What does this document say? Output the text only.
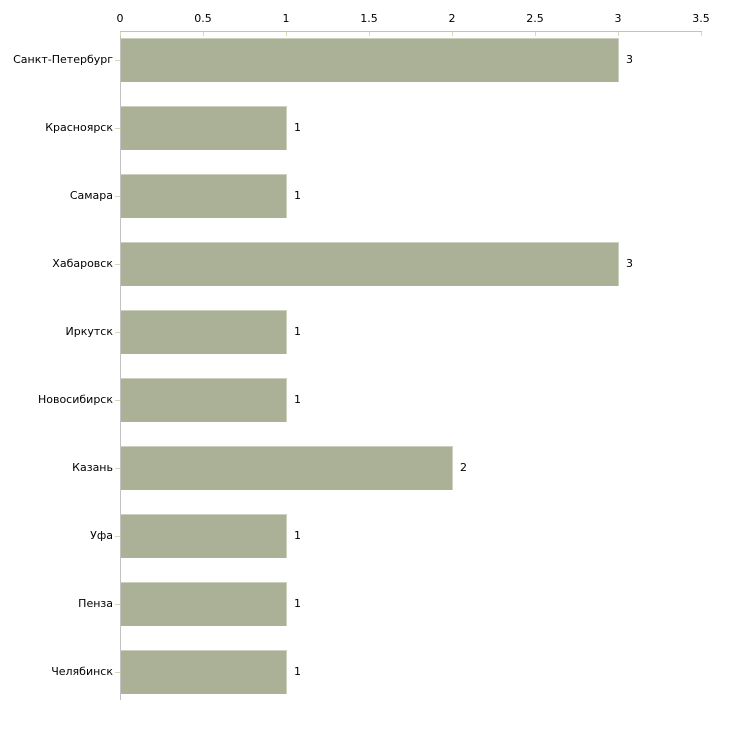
0	0.5	1	1.5	2	2.5	3	3.5
Санкт-Петербург	3
Красноярск	1
Самара	1
Хабаровск	3
Иркутск	1
Новосибирск	1
Казань	2
Уфа	1
Пенза	1
Челябинск	1
